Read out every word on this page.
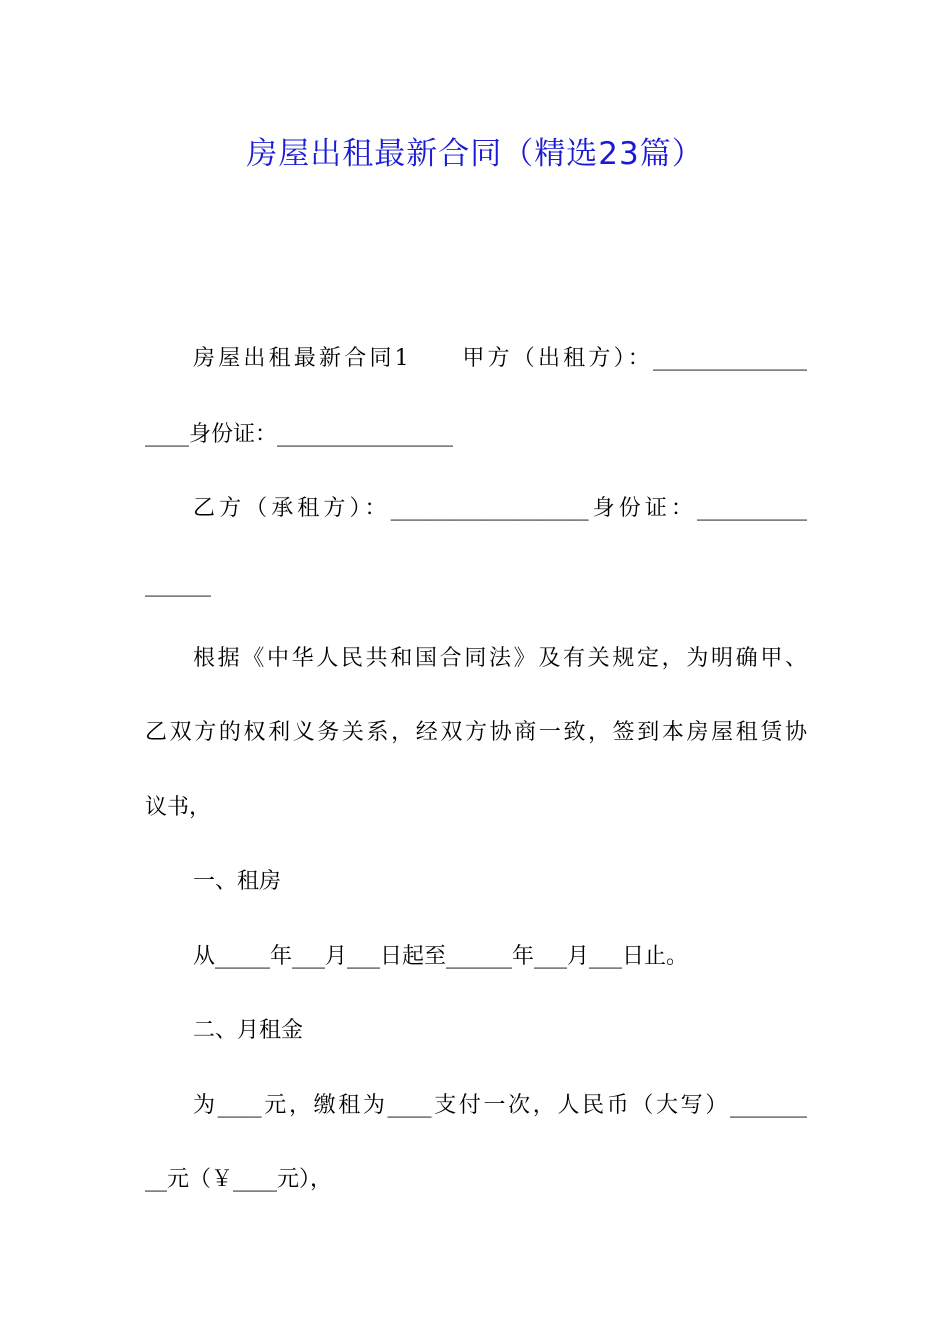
房屋出租最新合同（精选23篇）
房屋出租最新合同1　　甲方（出租方）：______________
____身份证：________________
乙方（承租方）：__________________身份证：__________
______
根据《中华人民共和国合同法》及有关规定，为明确甲、
乙双方的权利义务关系，经双方协商一致，签到本房屋租赁协
议书，
一、租房
从_____年___月___日起至______年___月___日止。
二、月租金
为____元，缴租为____支付一次，人民币（大写）_______
__元（￥____元），
